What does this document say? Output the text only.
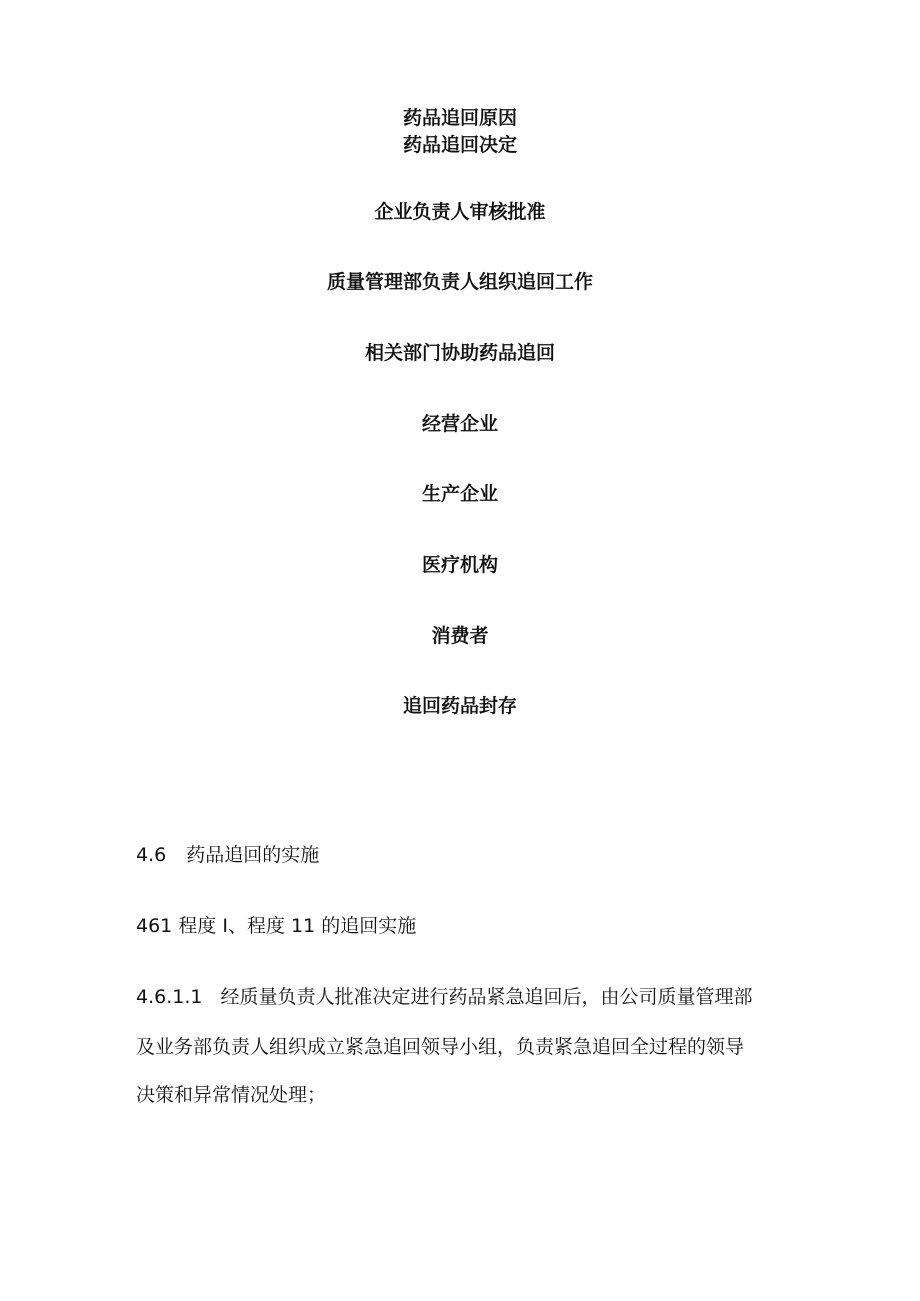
药品追回原因
药品追回决定
企业负责人审核批准
质量管理部负责人组织追回工作
相关部门协助药品追回
经营企业
生产企业
医疗机构
消费者
追回药品封存
4.6 药品追回的实施
461 程度 I、程度 11 的追回实施
4.6.1.1 经质量负责人批准决定进行药品紧急追回后，由公司质量管理部
及业务部负责人组织成立紧急追回领导小组，负责紧急追回全过程的领导
决策和异常情况处理；
